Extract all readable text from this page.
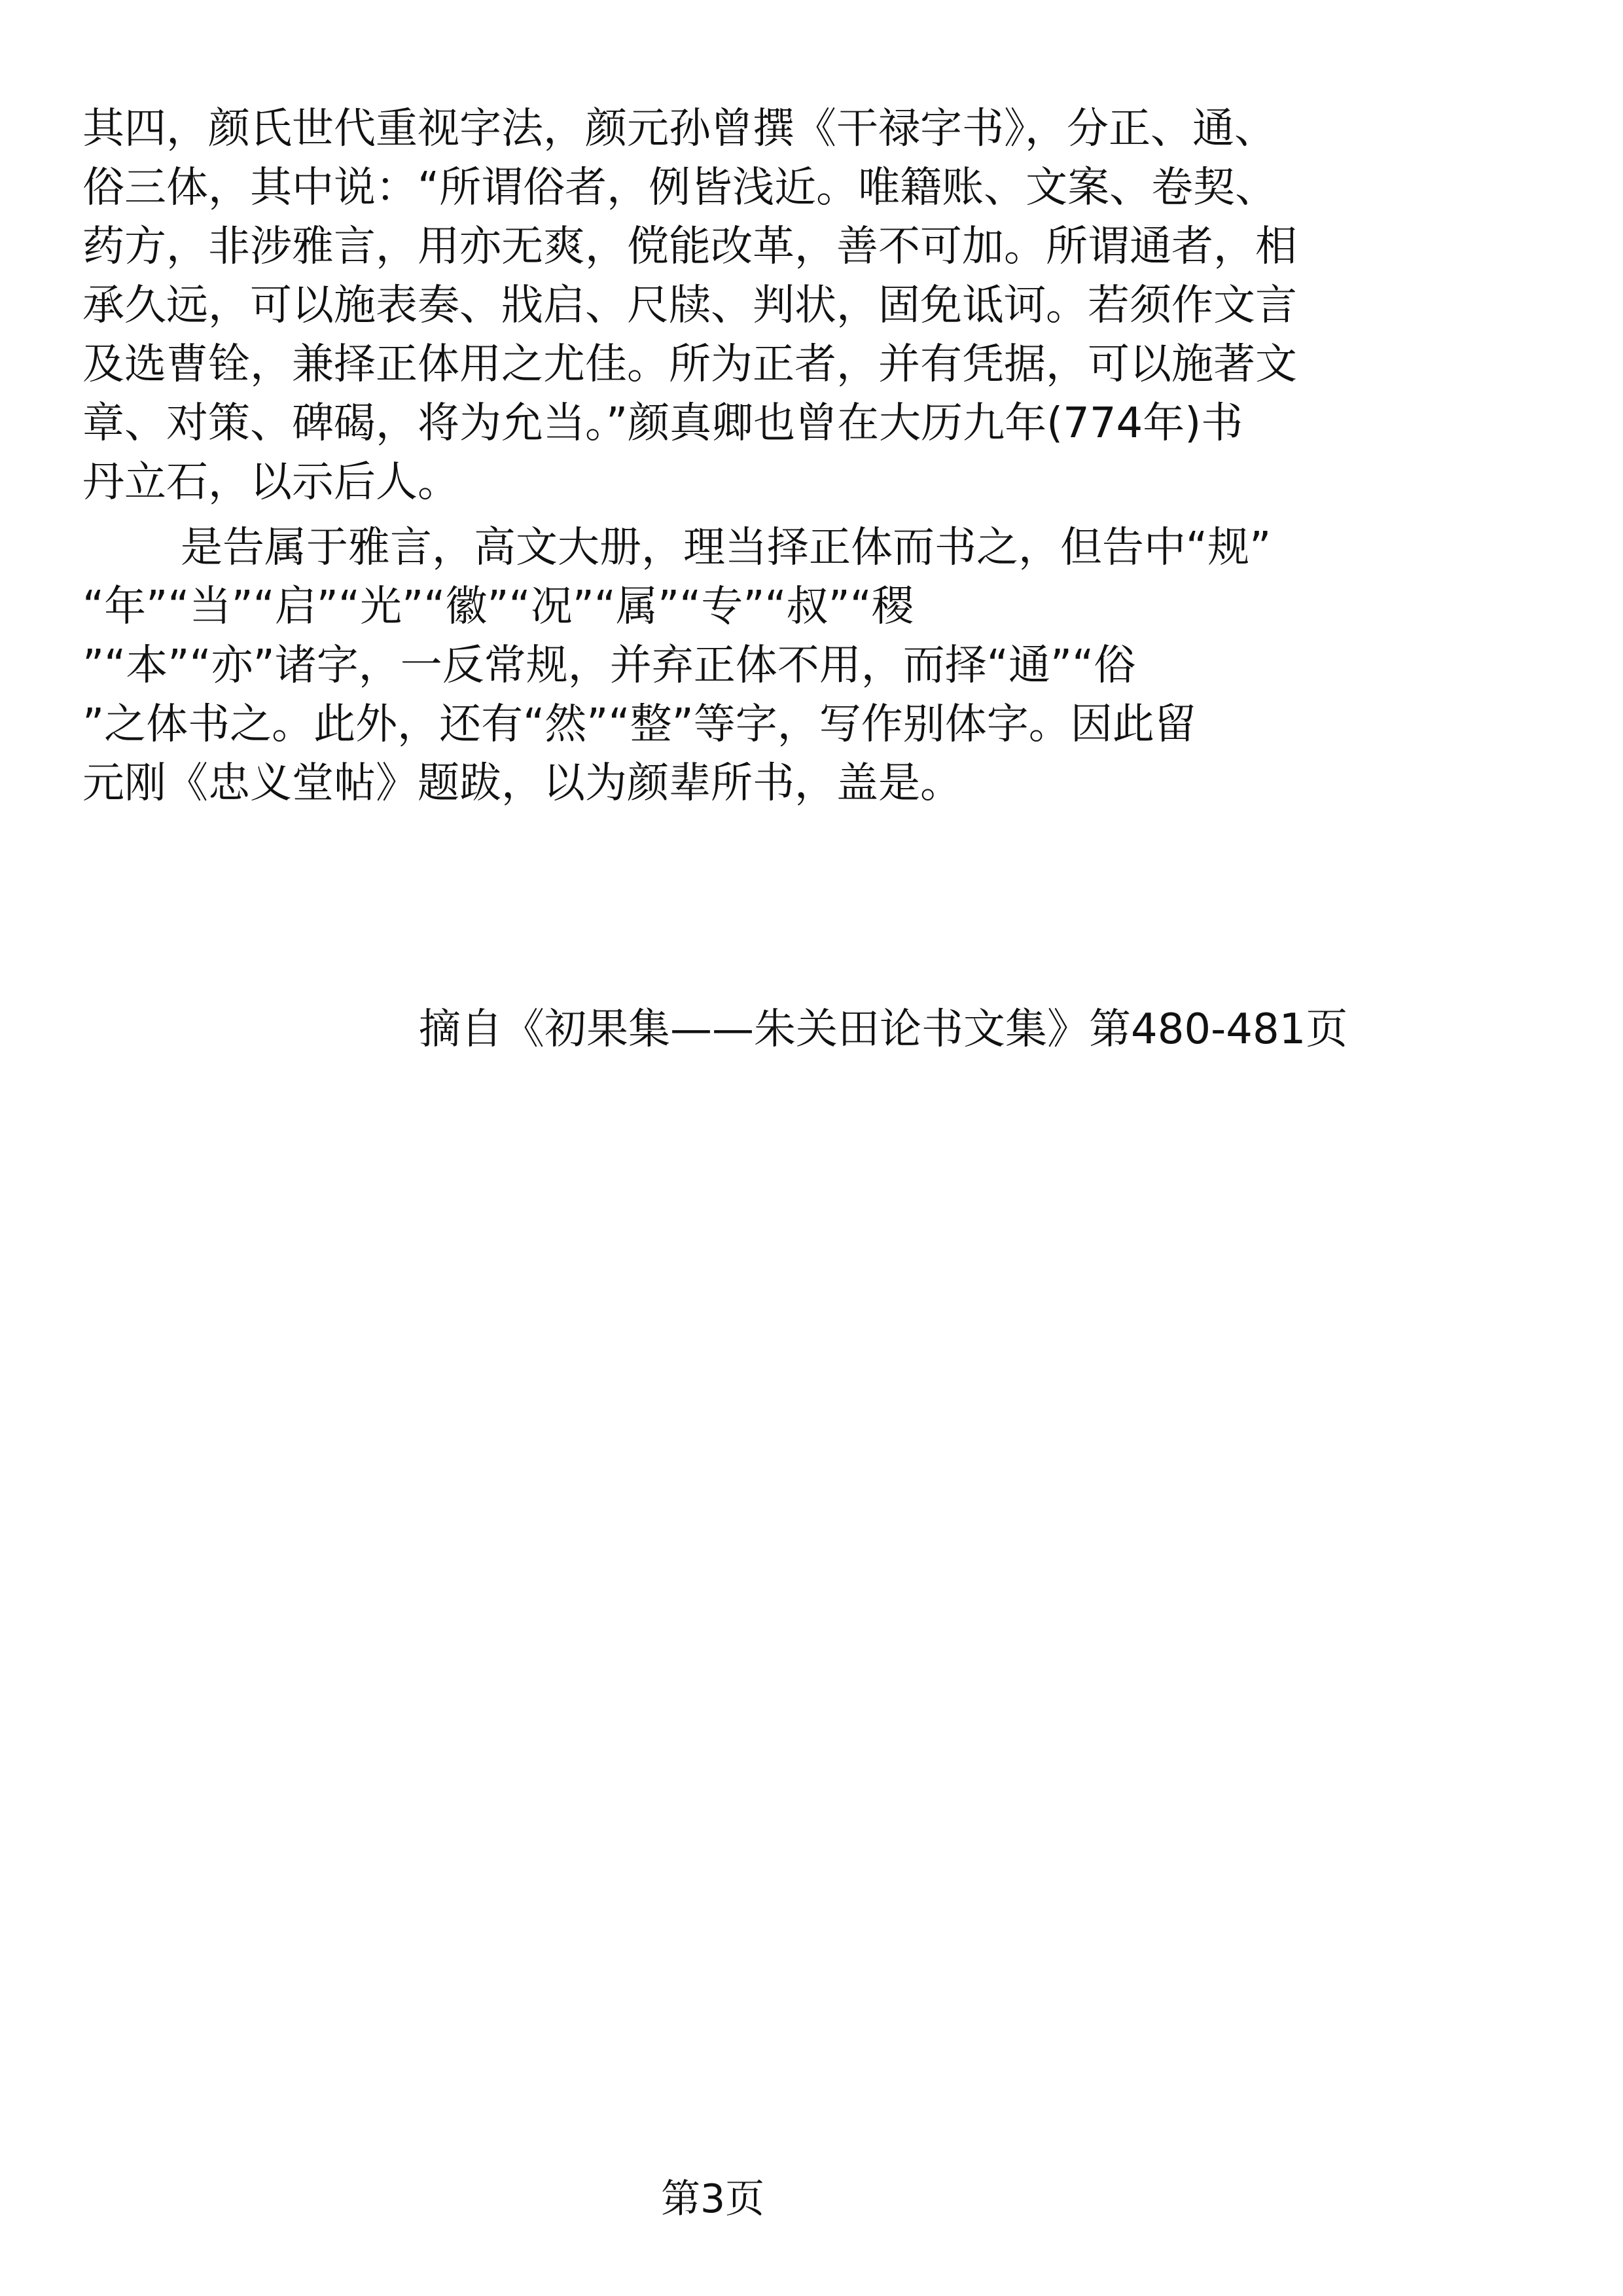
其四，颜氏世代重视字法，颜元孙曾撰《干禄字书》，分正、通、
俗三体，其中说：“所谓俗者，例皆浅近。唯籍账、文案、卷契、
药方，非涉雅言，用亦无爽，傥能改革，善不可加。所谓通者，相
承久远，可以施表奏、戕启、尺牍、判状，固免诋诃。若须作文言
及选曹铨，兼择正体用之尤佳。所为正者，并有凭据，可以施著文
章、对策、碑碣，将为允当。”颜真卿也曾在大历九年(774年)书
丹立石，以示后人。
是告属于雅言，高文大册，理当择正体而书之，但告中“规”
“年”“当”“启”“光”“徽”“况”“属”“专”“叔”“稷
”“本”“亦”诸字，一反常规，并弃正体不用，而择“通”“俗
”之体书之。此外，还有“然”“整”等字，写作别体字。因此留
元刚《忠义堂帖》题跋，以为颜辈所书，盖是。
摘自《初果集——朱关田论书文集》第480-481页
第3页
